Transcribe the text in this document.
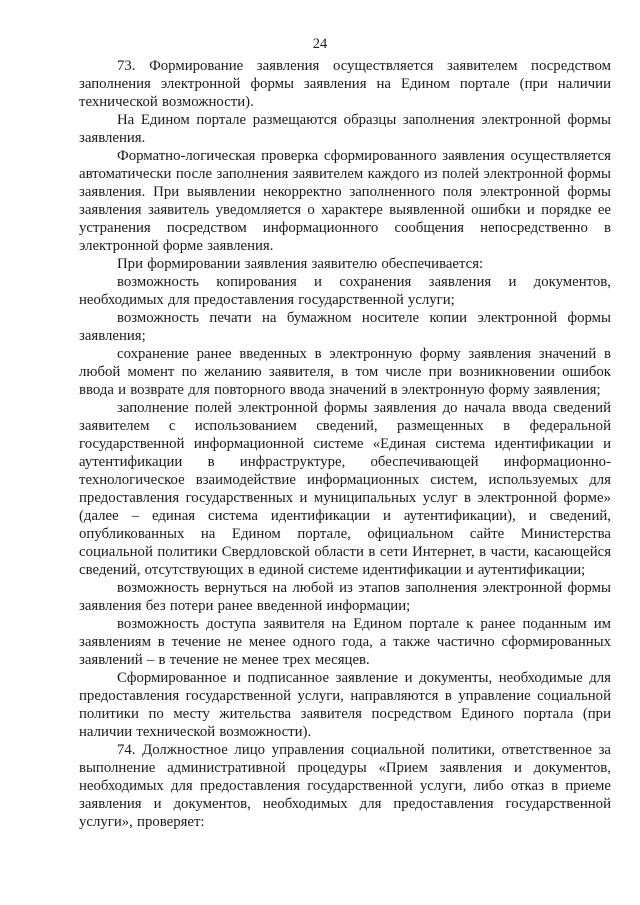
24

73. Формирование заявления осуществляется заявителем посредством заполнения электронной формы заявления на Едином портале (при наличии технической возможности).

На Едином портале размещаются образцы заполнения электронной формы заявления.

Форматно-логическая проверка сформированного заявления осуществляется автоматически после заполнения заявителем каждого из полей электронной формы заявления. При выявлении некорректно заполненного поля электронной формы заявления заявитель уведомляется о характере выявленной ошибки и порядке ее устранения посредством информационного сообщения непосредственно в электронной форме заявления.

При формировании заявления заявителю обеспечивается:

возможность копирования и сохранения заявления и документов, необходимых для предоставления государственной услуги;

возможность печати на бумажном носителе копии электронной формы заявления;

сохранение ранее введенных в электронную форму заявления значений в любой момент по желанию заявителя, в том числе при возникновении ошибок ввода и возврате для повторного ввода значений в электронную форму заявления;

заполнение полей электронной формы заявления до начала ввода сведений заявителем с использованием сведений, размещенных в федеральной государственной информационной системе «Единая система идентификации и аутентификации в инфраструктуре, обеспечивающей информационно-технологическое взаимодействие информационных систем, используемых для предоставления государственных и муниципальных услуг в электронной форме» (далее – единая система идентификации и аутентификации), и сведений, опубликованных на Едином портале, официальном сайте Министерства социальной политики Свердловской области в сети Интернет, в части, касающейся сведений, отсутствующих в единой системе идентификации и аутентификации;

возможность вернуться на любой из этапов заполнения электронной формы заявления без потери ранее введенной информации;

возможность доступа заявителя на Едином портале к ранее поданным им заявлениям в течение не менее одного года, а также частично сформированных заявлений – в течение не менее трех месяцев.

Сформированное и подписанное заявление и документы, необходимые для предоставления государственной услуги, направляются в управление социальной политики по месту жительства заявителя посредством Единого портала (при наличии технической возможности).

74. Должностное лицо управления социальной политики, ответственное за выполнение административной процедуры «Прием заявления и документов, необходимых для предоставления государственной услуги, либо отказ в приеме заявления и документов, необходимых для предоставления государственной услуги», проверяет:
